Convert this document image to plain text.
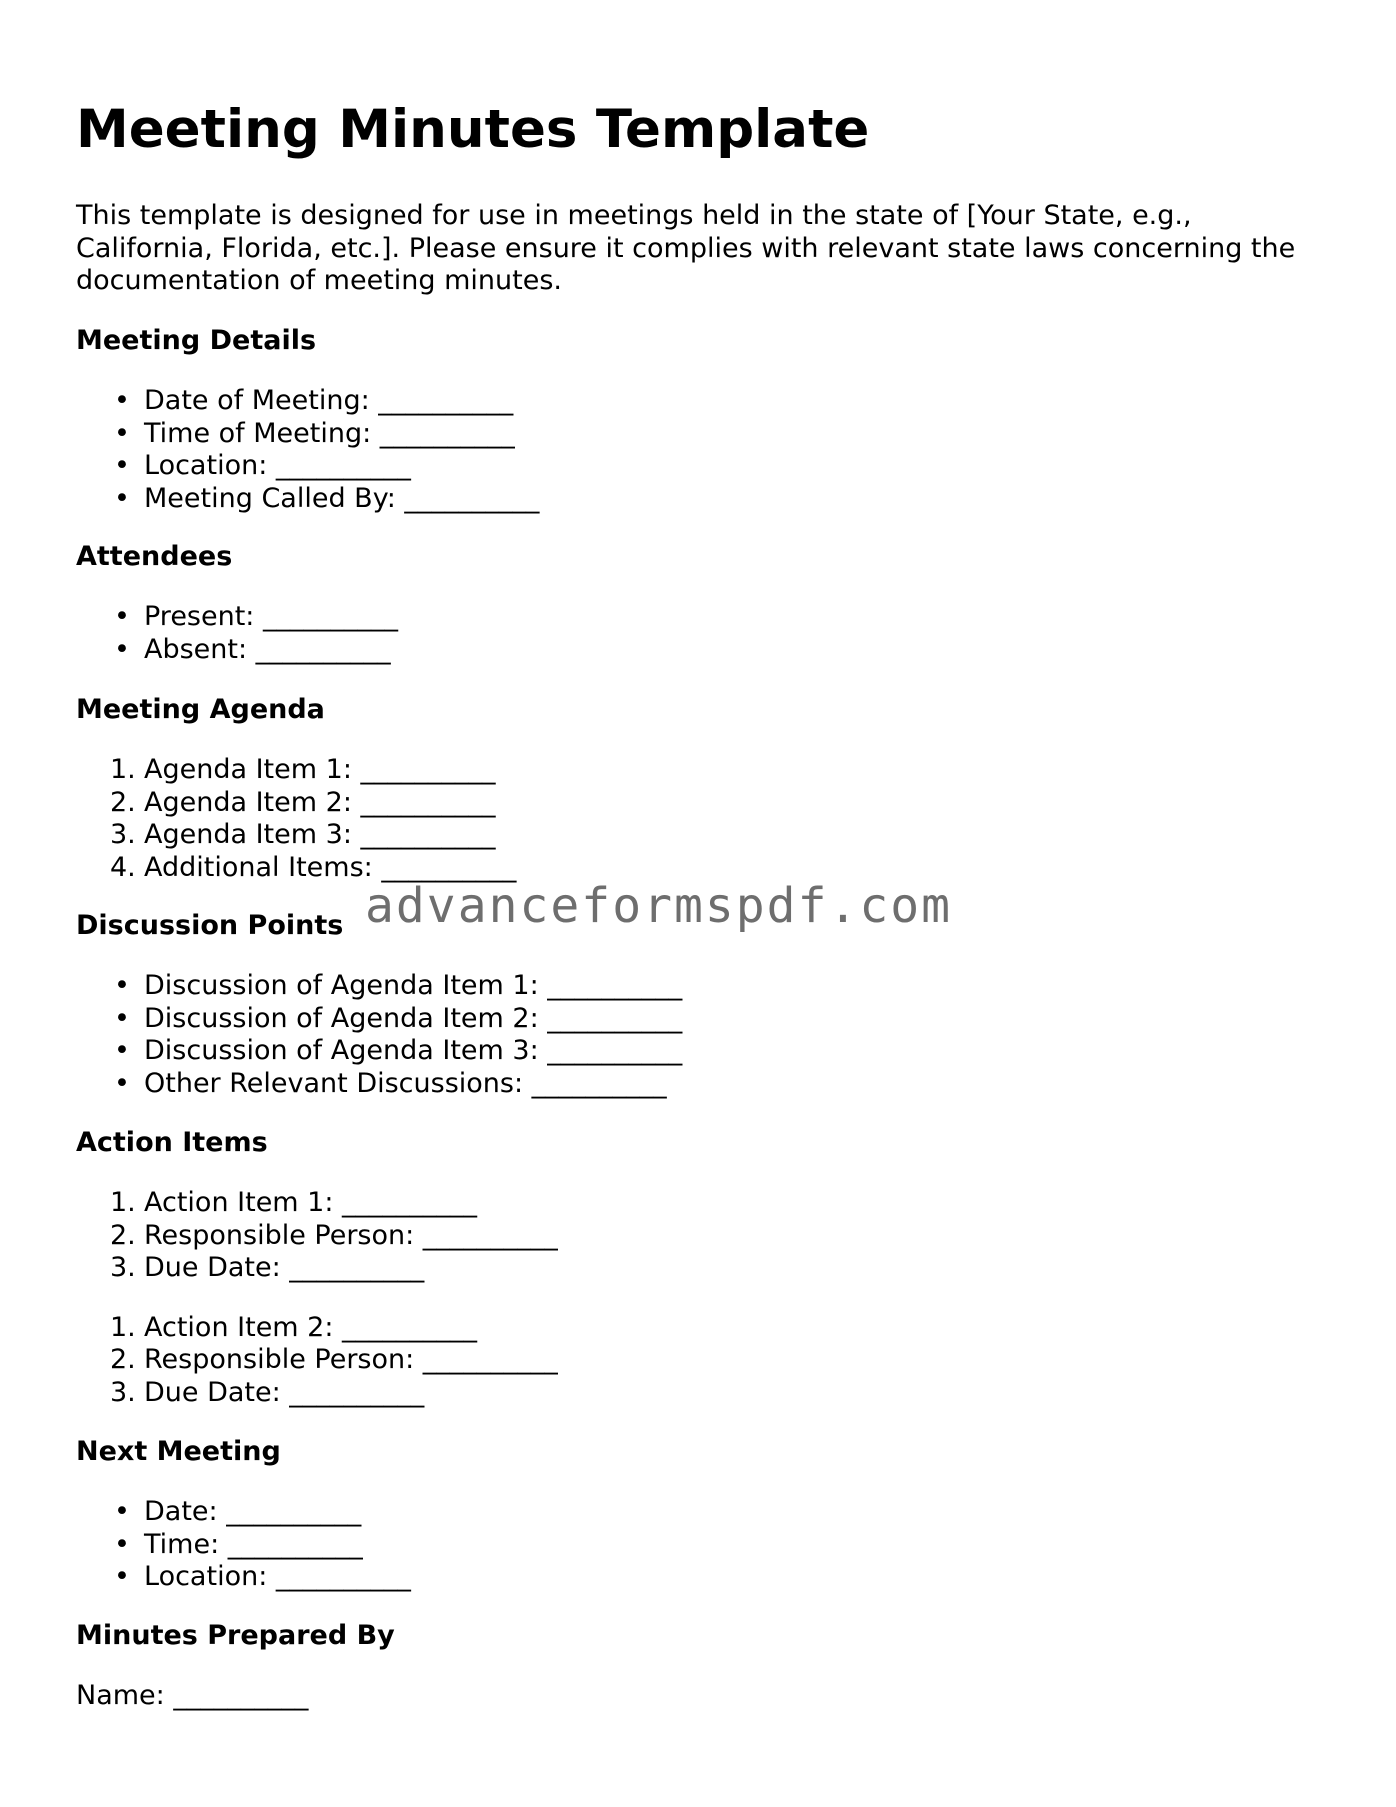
Meeting Minutes Template

This template is designed for use in meetings held in the state of [Your State, e.g., California, Florida, etc.]. Please ensure it complies with relevant state laws concerning the documentation of meeting minutes.

Meeting Details
• Date of Meeting: __________
• Time of Meeting: __________
• Location: __________
• Meeting Called By: __________
Attendees
• Present: __________
• Absent: __________
Meeting Agenda
1. Agenda Item 1: __________
2. Agenda Item 2: __________
3. Agenda Item 3: __________
4. Additional Items: __________
Discussion Points
• Discussion of Agenda Item 1: __________
• Discussion of Agenda Item 2: __________
• Discussion of Agenda Item 3: __________
• Other Relevant Discussions: __________
Action Items
1. Action Item 1: __________
2. Responsible Person: __________
3. Due Date: __________
1. Action Item 2: __________
2. Responsible Person: __________
3. Due Date: __________
Next Meeting
• Date: __________
• Time: __________
• Location: __________
Minutes Prepared By

Name: __________

advanceformspdf.com
